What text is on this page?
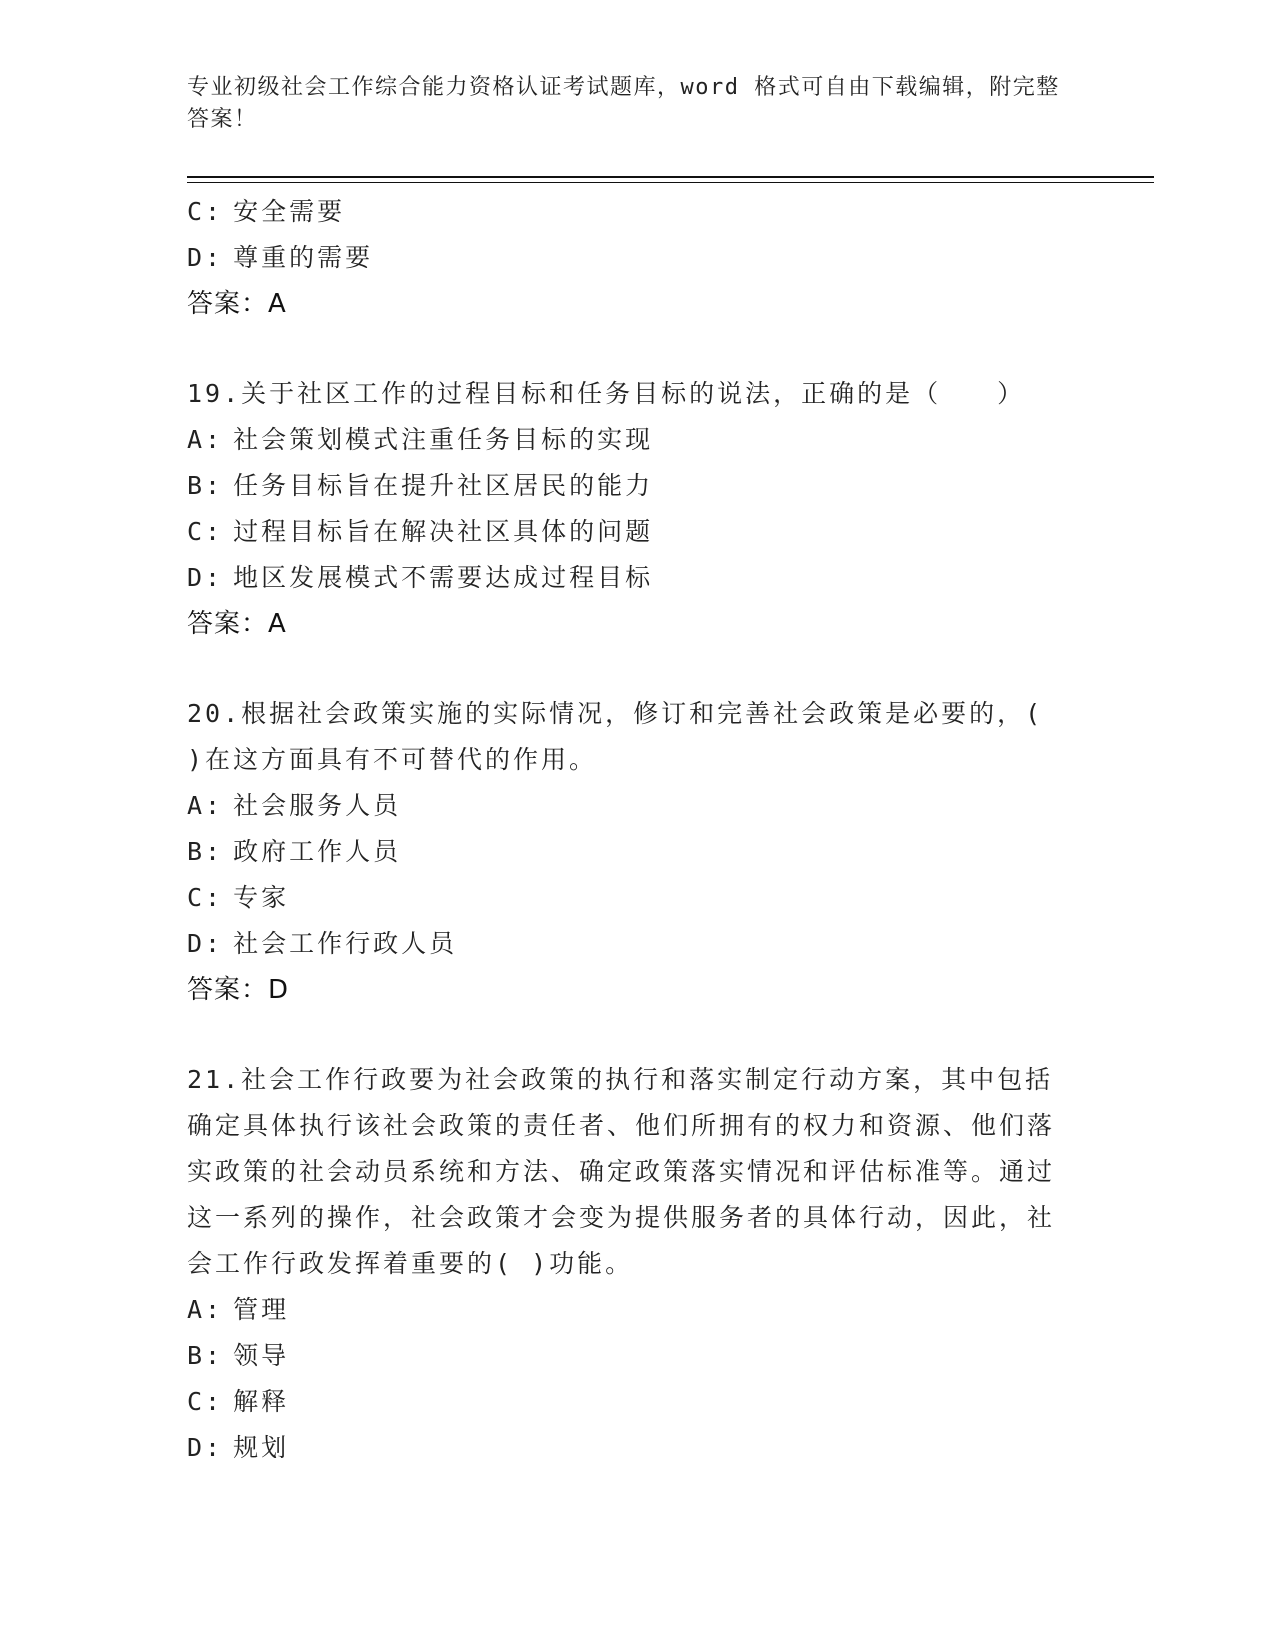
专业初级社会工作综合能力资格认证考试题库，word 格式可自由下载编辑，附完整答案！
C: 安全需要
D: 尊重的需要
答案：A
19.关于社区工作的过程目标和任务目标的说法，正确的是（　　）
A: 社会策划模式注重任务目标的实现
B: 任务目标旨在提升社区居民的能力
C: 过程目标旨在解决社区具体的问题
D: 地区发展模式不需要达成过程目标
答案：A
20.根据社会政策实施的实际情况，修订和完善社会政策是必要的，( )在这方面具有不可替代的作用。
A: 社会服务人员
B: 政府工作人员
C: 专家
D: 社会工作行政人员
答案：D
21.社会工作行政要为社会政策的执行和落实制定行动方案，其中包括确定具体执行该社会政策的责任者、他们所拥有的权力和资源、他们落实政策的社会动员系统和方法、确定政策落实情况和评估标准等。通过这一系列的操作，社会政策才会变为提供服务者的具体行动，因此，社会工作行政发挥着重要的( )功能。
A: 管理
B: 领导
C: 解释
D: 规划
